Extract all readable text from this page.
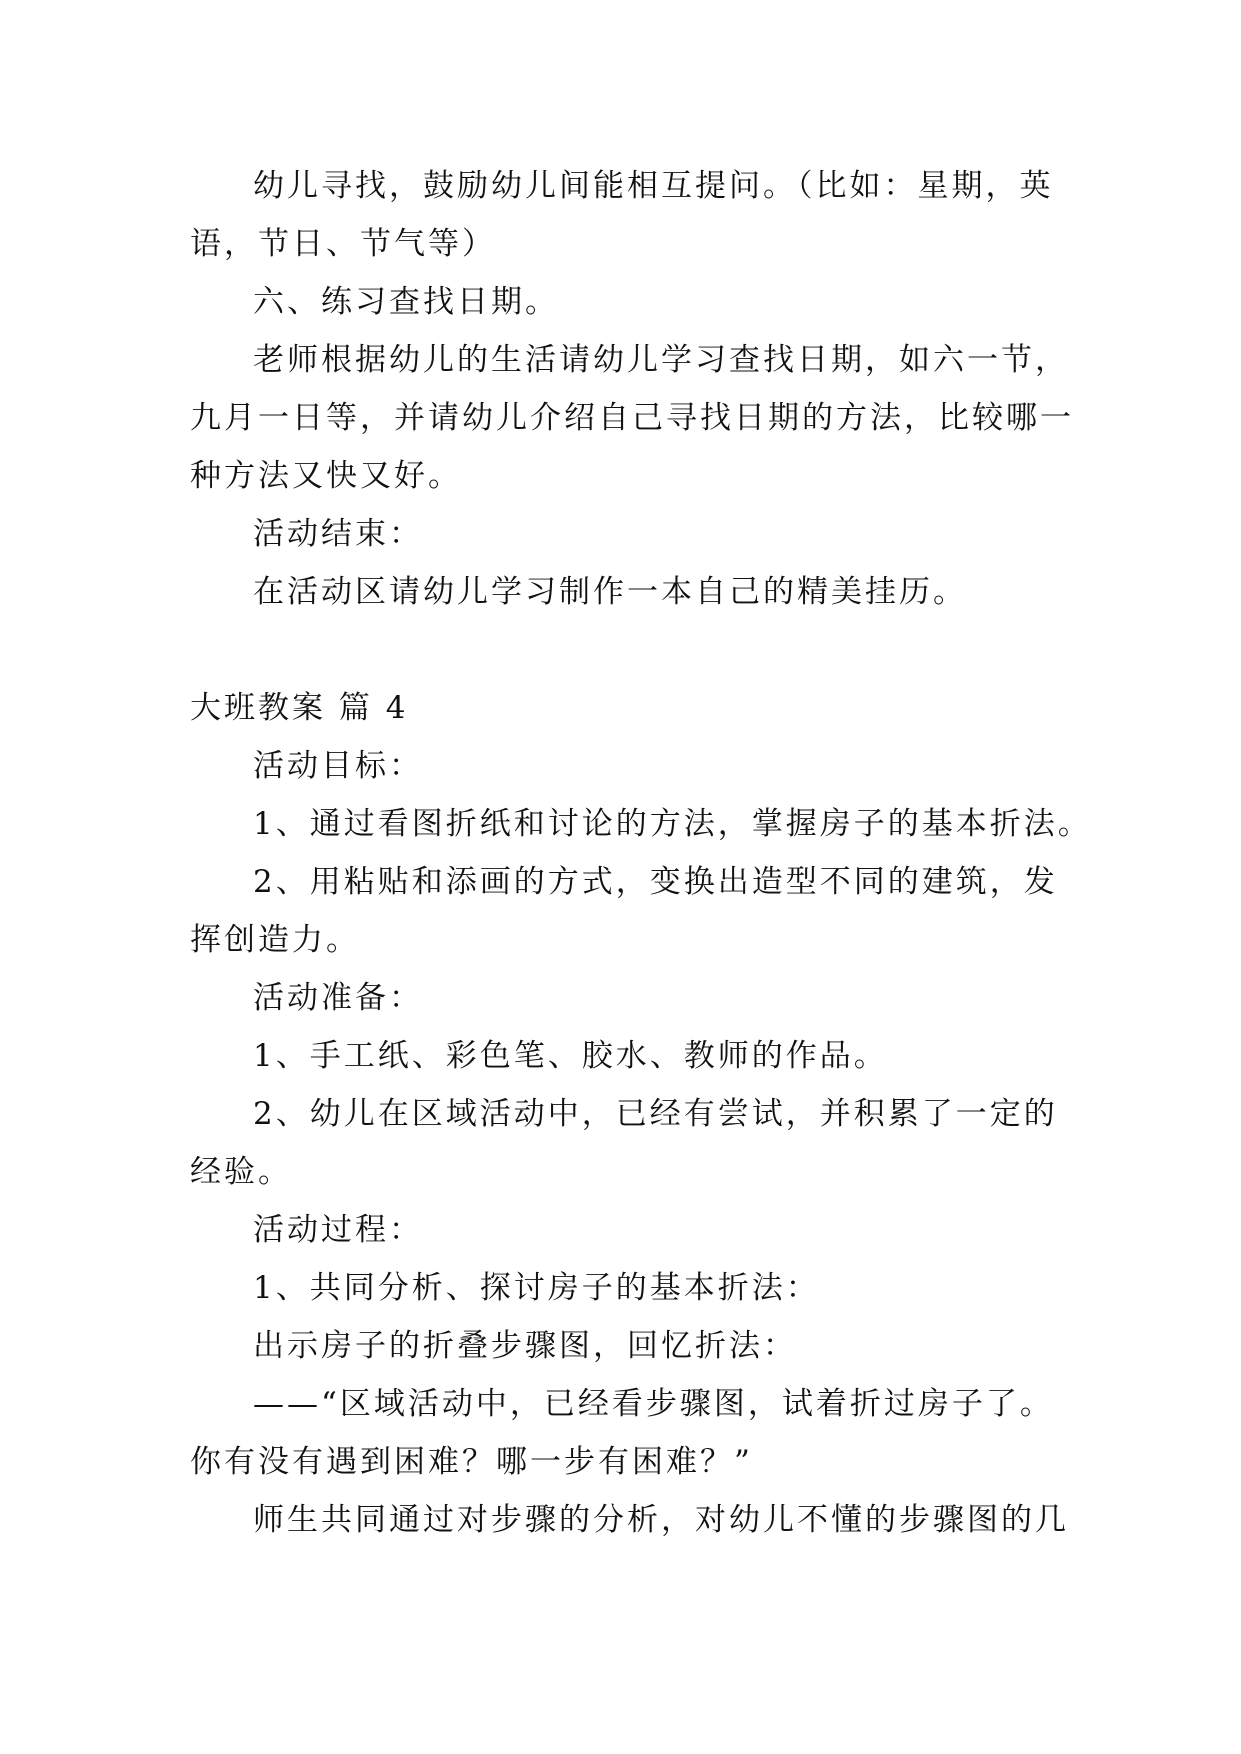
幼儿寻找，鼓励幼儿间能相互提问。（比如：星期，英
语，节日、节气等）
六、练习查找日期。
老师根据幼儿的生活请幼儿学习查找日期，如六一节，
九月一日等，并请幼儿介绍自己寻找日期的方法，比较哪一
种方法又快又好。
活动结束：
在活动区请幼儿学习制作一本自己的精美挂历。
大班教案 篇 4
活动目标：
1、通过看图折纸和讨论的方法，掌握房子的基本折法。
2、用粘贴和添画的方式，变换出造型不同的建筑，发
挥创造力。
活动准备：
1、手工纸、彩色笔、胶水、教师的作品。
2、幼儿在区域活动中，已经有尝试，并积累了一定的
经验。
活动过程：
1、共同分析、探讨房子的基本折法：
出示房子的折叠步骤图，回忆折法：
——“区域活动中，已经看步骤图，试着折过房子了。
你有没有遇到困难？哪一步有困难？”
师生共同通过对步骤的分析，对幼儿不懂的步骤图的几
